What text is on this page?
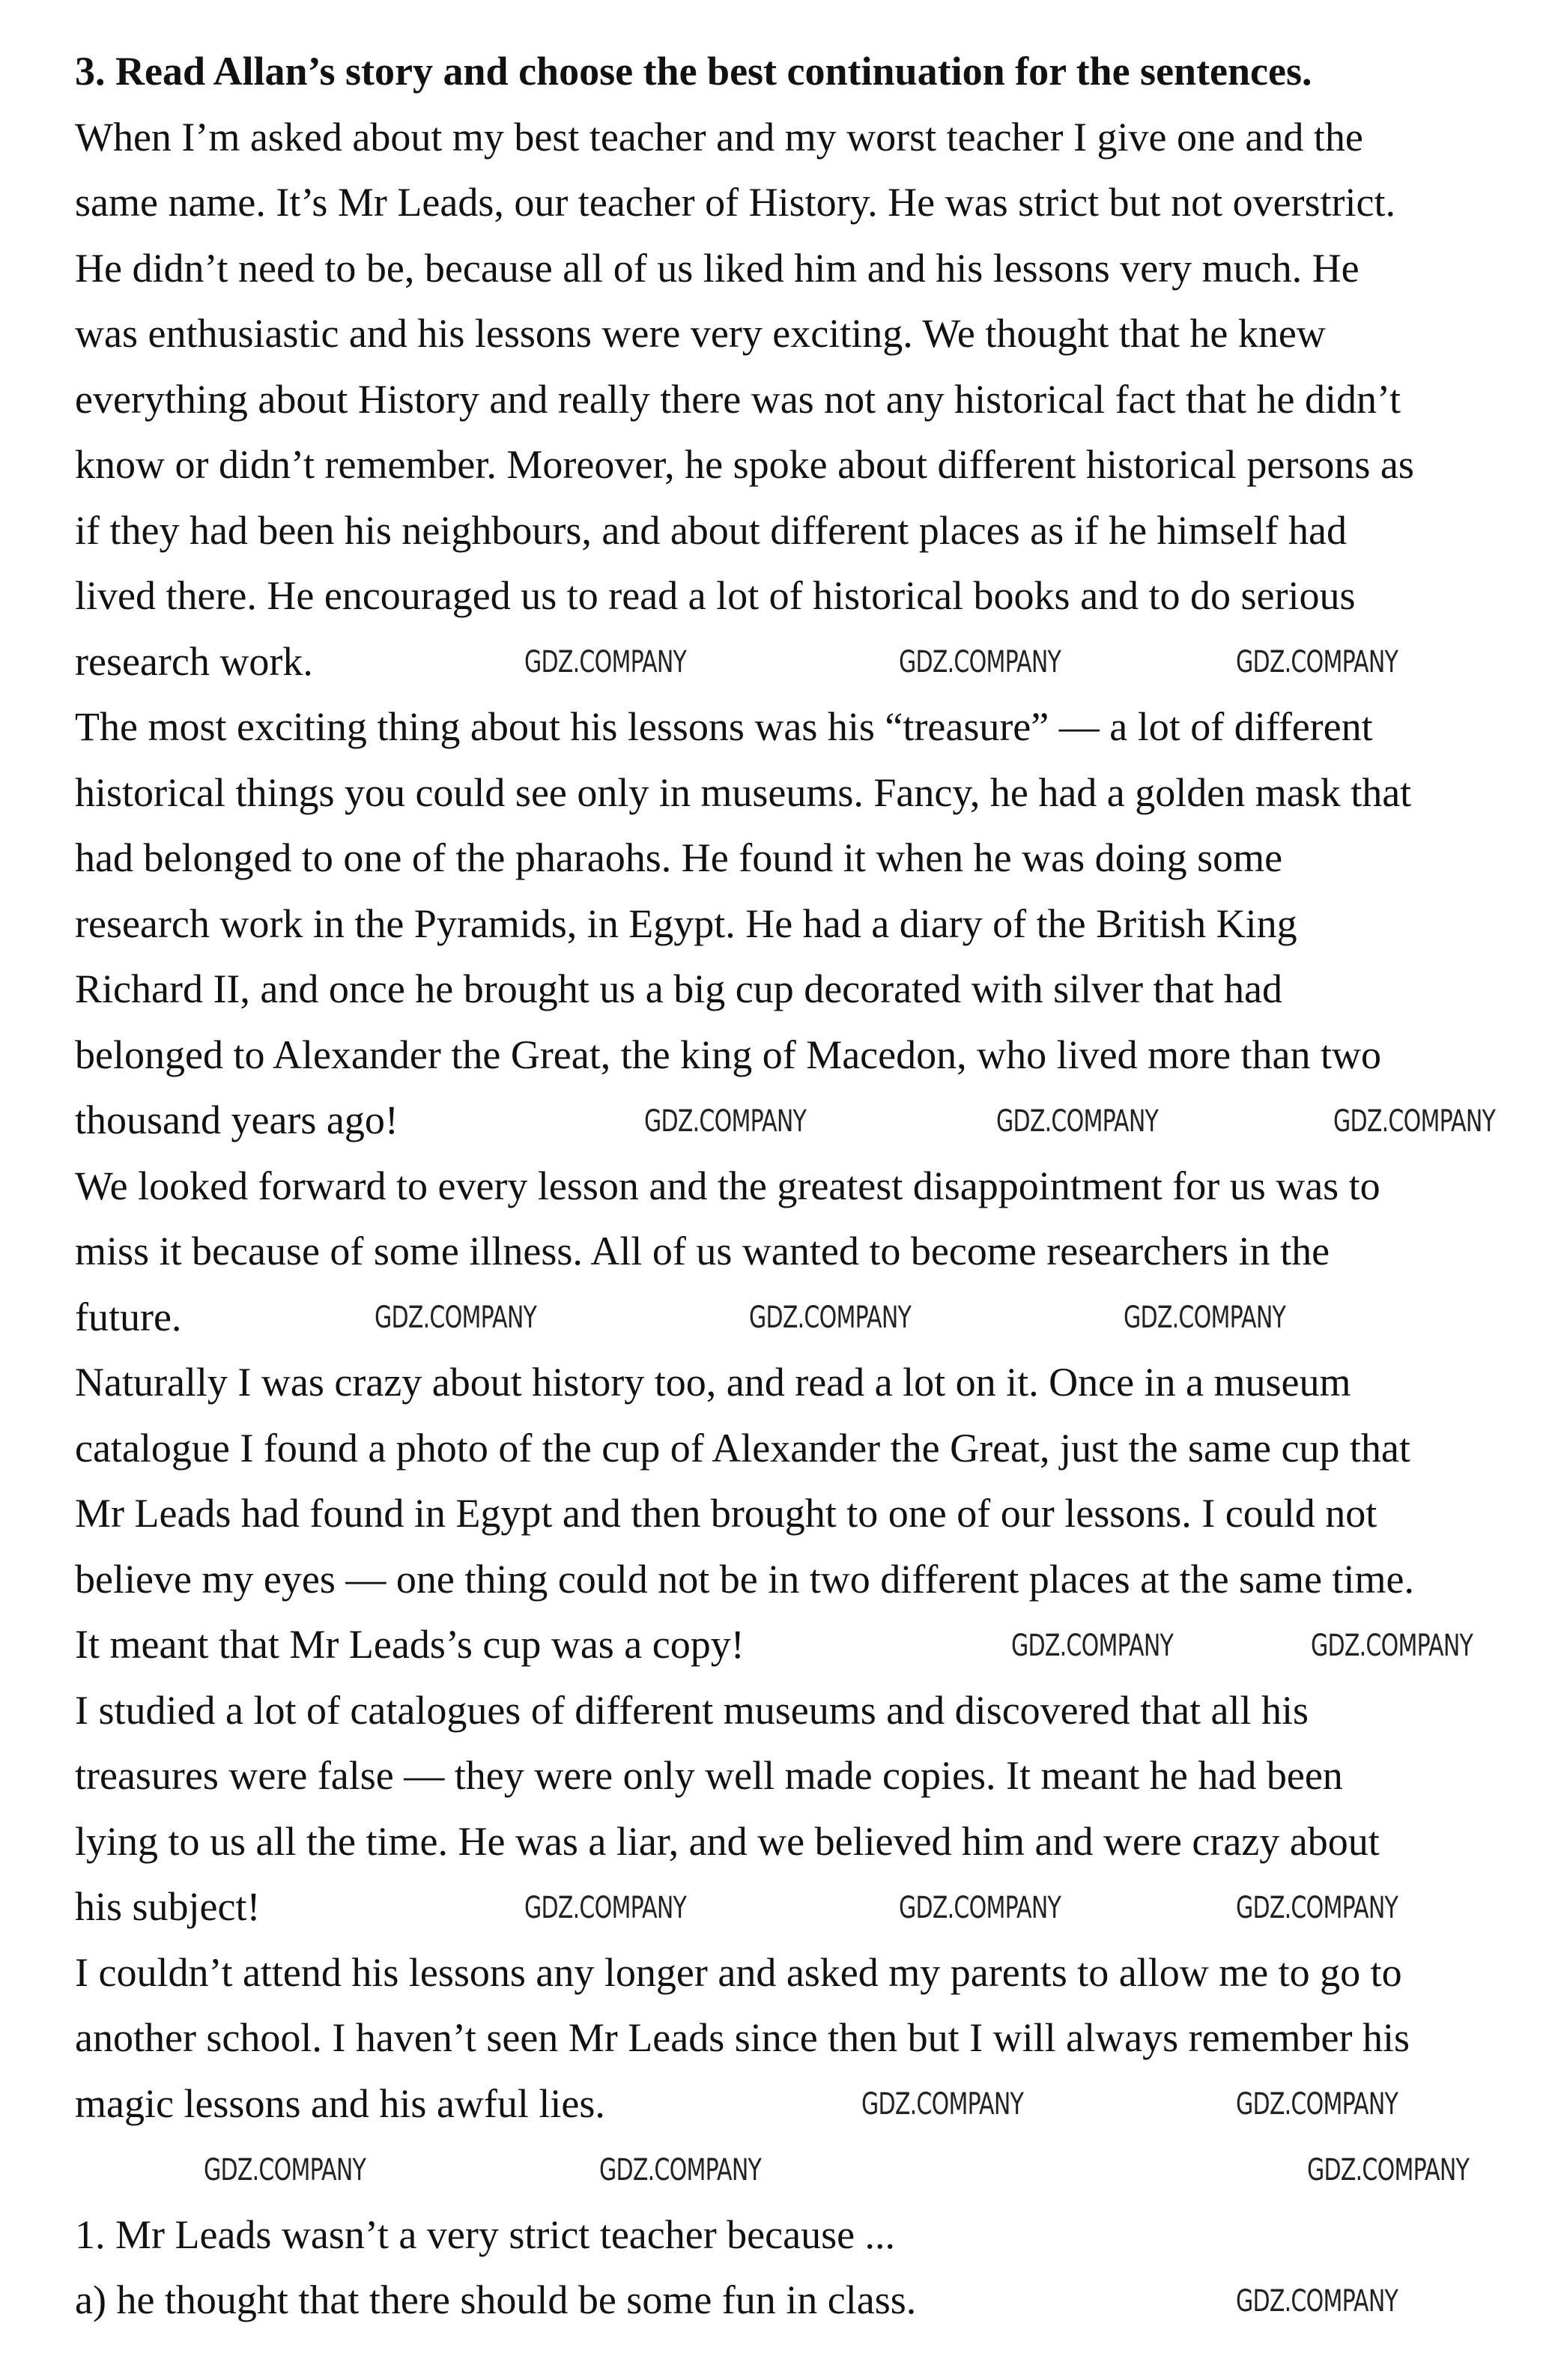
3. Read Allan’s story and choose the best continuation for the sentences.
When I’m asked about my best teacher and my worst teacher I give one and the
same name. It’s Mr Leads, our teacher of History. He was strict but not overstrict.
He didn’t need to be, because all of us liked him and his lessons very much. He
was enthusiastic and his lessons were very exciting. We thought that he knew
everything about History and really there was not any historical fact that he didn’t
know or didn’t remember. Moreover, he spoke about different historical persons as
if they had been his neighbours, and about different places as if he himself had
lived there. He encouraged us to read a lot of historical books and to do serious
research work.
The most exciting thing about his lessons was his “treasure” — a lot of different
historical things you could see only in museums. Fancy, he had a golden mask that
had belonged to one of the pharaohs. He found it when he was doing some
research work in the Pyramids, in Egypt. He had a diary of the British King
Richard II, and once he brought us a big cup decorated with silver that had
belonged to Alexander the Great, the king of Macedon, who lived more than two
thousand years ago!
We looked forward to every lesson and the greatest disappointment for us was to
miss it because of some illness. All of us wanted to become researchers in the
future.
Naturally I was crazy about history too, and read a lot on it. Once in a museum
catalogue I found a photo of the cup of Alexander the Great, just the same cup that
Mr Leads had found in Egypt and then brought to one of our lessons. I could not
believe my eyes — one thing could not be in two different places at the same time.
It meant that Mr Leads’s cup was a copy!
I studied a lot of catalogues of different museums and discovered that all his
treasures were false — they were only well made copies. It meant he had been
lying to us all the time. He was a liar, and we believed him and were crazy about
his subject!
I couldn’t attend his lessons any longer and asked my parents to allow me to go to
another school. I haven’t seen Mr Leads since then but I will always remember his
magic lessons and his awful lies.
1. Mr Leads wasn’t a very strict teacher because ...
a) he thought that there should be some fun in class.
GDZ.COMPANY	GDZ.COMPANY	GDZ.COMPANY
GDZ.COMPANY	GDZ.COMPANY	GDZ.COMPANY
GDZ.COMPANY	GDZ.COMPANY	GDZ.COMPANY
GDZ.COMPANY	GDZ.COMPANY
GDZ.COMPANY	GDZ.COMPANY	GDZ.COMPANY
GDZ.COMPANY	GDZ.COMPANY
GDZ.COMPANY	GDZ.COMPANY	GDZ.COMPANY
GDZ.COMPANY
